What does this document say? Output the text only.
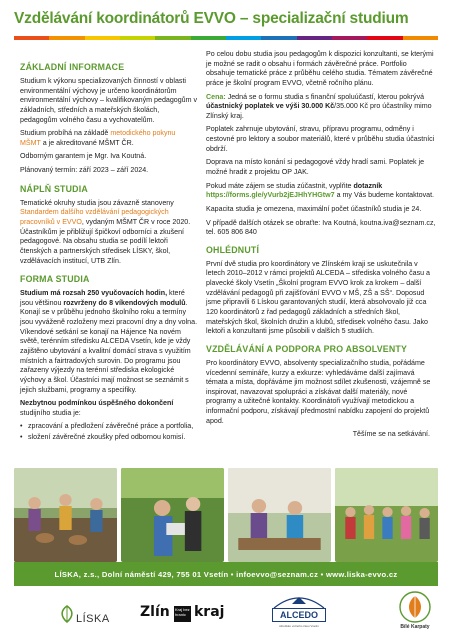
Vzdělávání koordinátorů EVVO – specializační studium
ZÁKLADNÍ INFORMACE

Studium k výkonu specializovaných činností v oblasti environmentální výchovy je určeno koordinátorům environmentální výchovy – kvalifikovaným pedagogům v základních, středních a mateřských školách, pedagogům volného času a vychovatelům.

Studium probíhá na základě metodického pokynu MŠMT a je akreditované MŠMT ČR.

Odborným garantem je Mgr. Iva Koutná.

Plánovaný termín: září 2023 – září 2024.

NÁPLŇ STUDIA

Tematické okruhy studia jsou závazně stanoveny Standardem dalšího vzdělávání pedagogických pracovníků v EVVO, vydaným MŠMT ČR v roce 2020. Účastníkům je přibližují špičkoví odborníci a zkušení pedagogové. Na obsahu studia se podílí lektoři čtenských a partnerských středisek LÍSKY, škol, vzdělávacích institucí, UTB Zlín.

FORMA STUDIA

Studium má rozsah 250 vyučovacích hodin, které jsou většinou rozvrženy do 8 víkendových modulů. Konají se v průběhu jednoho školního roku a termíny jsou vyváženě rozloženy mezi pracovní dny a dny volna. Víkendové setkání se konají na Hájence Na novém světě, terénním středisku ALCEDA Vsetín, kde je vždy zajištěno ubytování a kvalitní domácí strava s využitím místních a fairtradových surovin. Do programu jsou zařazeny výjezdy na terénní střediska ekologické výchovy a škol. Účastníci mají možnost se seznámit s jejich službami, programy a specifiky.

Nezbytnou podmínkou úspěšného dokončení studijního studia je:

• zpracování a předložení závěrečné práce a portfolia,
• složení závěrečné zkoušky před odbornou komisí.

Po celou dobu studia jsou pedagogům k dispozici konzultanti, se kterými je možné se radit o obsahu i formách závěrečné práce. Portfolio obsahuje tematické práce z průběhu celého studia. Tématem závěrečné práce je školní program EVVO, včetně ročního plánu.

Cena: Jedná se o formu studia s finanční spoluúčastí, kterou pokrývá účastnický poplatek ve výši 30.000 Kč/35.000 Kč pro účastníky mimo Zlínský kraj.

Poplatek zahrnuje ubytování, stravu, přípravu programu, odměny i cestovné pro lektory a soubor materiálů, které v průběhu studia účastníci obdrží.

Doprava na místo konání si pedagogové vždy hradí sami. Poplatek je možné hradit z projektu OP JAK.

Pokud máte zájem se studia zúčastnit, vyplňte dotazník https://forms.gle/yVurb2jEJHhYHGtw7 a my Vás budeme kontaktovat.

Kapacita studia je omezena, maximální počet účastníků studia je 24.

V případě dalších otázek se obraťte: Iva Koutná, koutna.iva@seznam.cz, tel. 605 806 840

OHLÉDNUTÍ

První dvě studia pro koordinátory ve Zlínském kraji se uskutečnila v letech 2010–2012 v rámci projektů ALCEDA – střediska volného času a plavecké školy Vsetín „Školní program EVVO krok za krokem – další vzdělávání pedagogů při zajišťování EVVO v MŠ, ZŠ a SŠ“. Doposud jsme připravili 6 Lískou garantovaných studií, která absolvovalo již cca 120 koordinátorů z řad pedagogů základních a středních škol, mateřských škol, školních družin a klubů, středisek volného času. Jako lektoři a konzultanti jsme působili v dalších 5 studiích.

VZDĚLÁVÁNÍ A PODPORA PRO ABSOLVENTY

Pro koordinátory EVVO, absolventy specializačního studia, pořádáme vícedenní semináře, kurzy a exkurze: vyhledáváme další zajímavá témata a místa, dopřáváme jim možnost sdílet zkušenosti, vzájemně se inspirovat, navazovat spolupráci a získávat další materiály, nové programy a užitečné kontakty. Koordinátoři využívají metodickou a informační podporu, získávají předmostní nabídku zapojení do projektů apod.

Těšíme se na setkávání.

LÍSKA, z.s., Dolní náměstí 429, 755 01 Vsetín • infoevvo@seznam.cz • www.liska-evvo.cz
LÍSKA Zlín Kraj bez hranic kraj	ALCEDO
středisko volného času Vsetín	Bílé Karpaty
